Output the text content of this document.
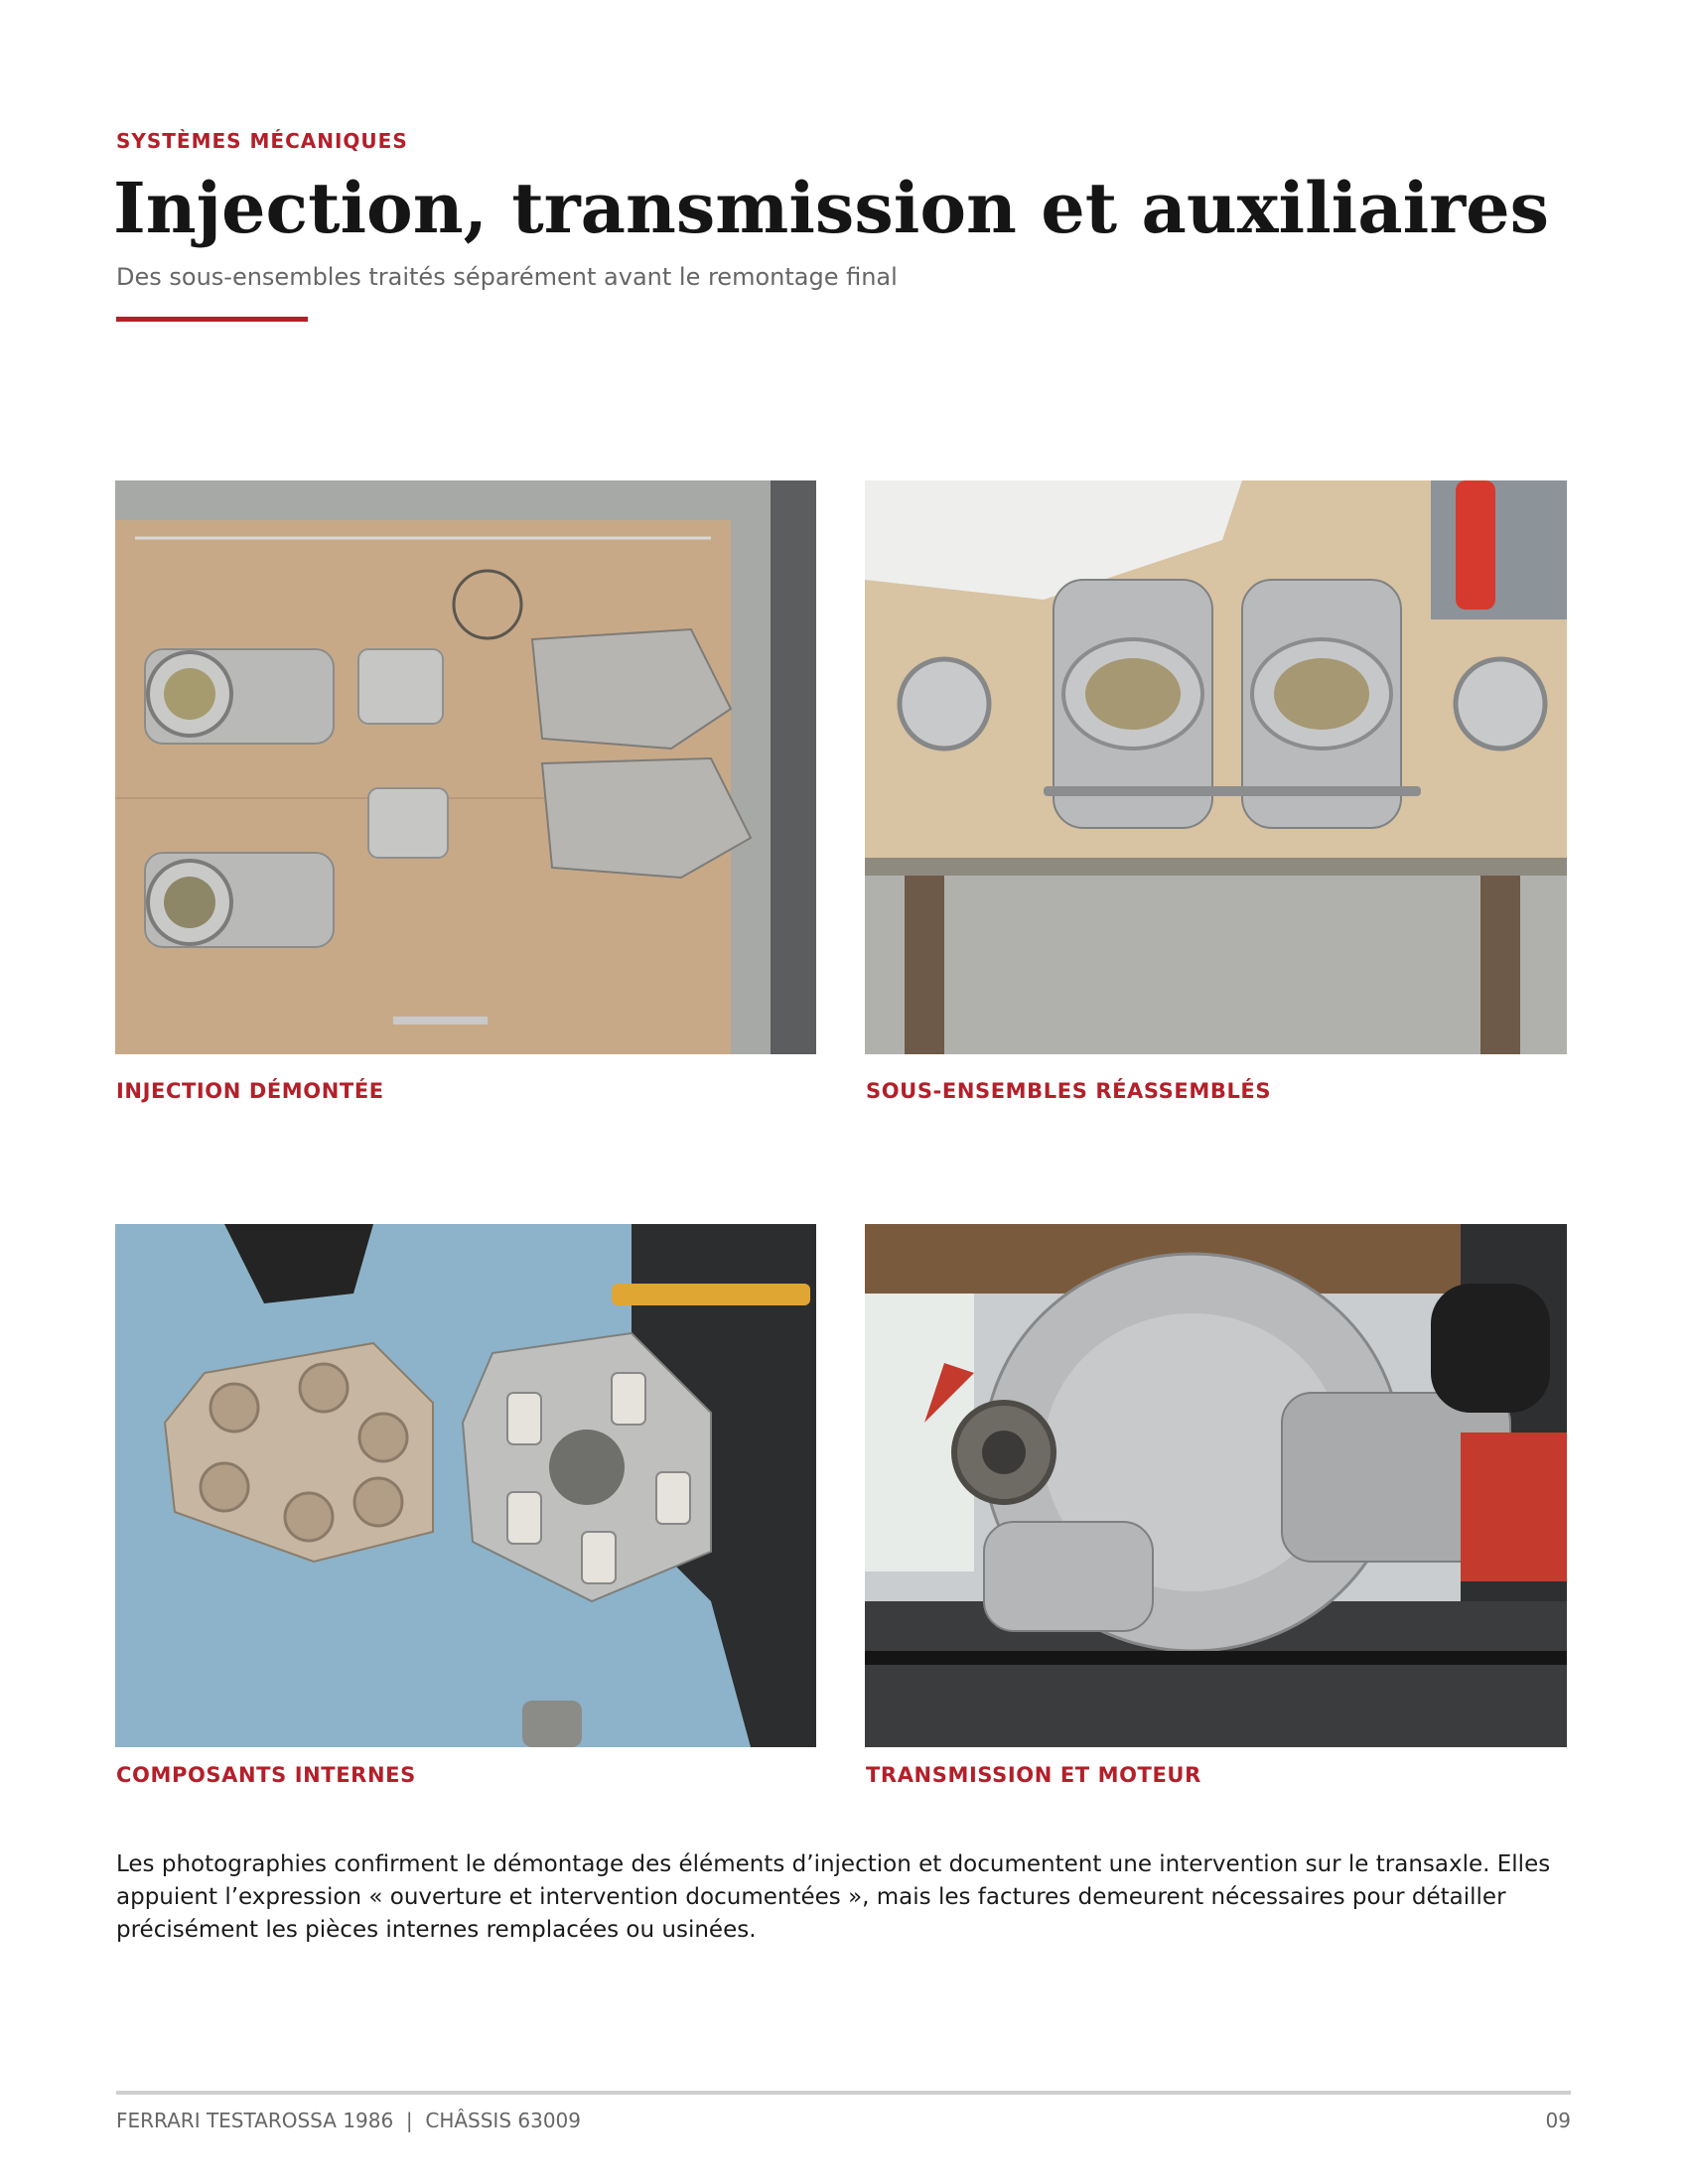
SYSTÈMES MÉCANIQUES
Injection, transmission et auxiliaires
Des sous-ensembles traités séparément avant le remontage final
INJECTION DÉMONTÉE	SOUS-ENSEMBLES RÉASSEMBLÉS
COMPOSANTS INTERNES	TRANSMISSION ET MOTEUR

Les photographies confirment le démontage des éléments d’injection et documentent une intervention sur le transaxle. Elles appuient l’expression « ouverture et intervention documentées », mais les factures demeurent nécessaires pour détailler précisément les pièces internes remplacées ou usinées.

FERRARI TESTAROSSA 1986  |  CHÂSSIS 63009	09
